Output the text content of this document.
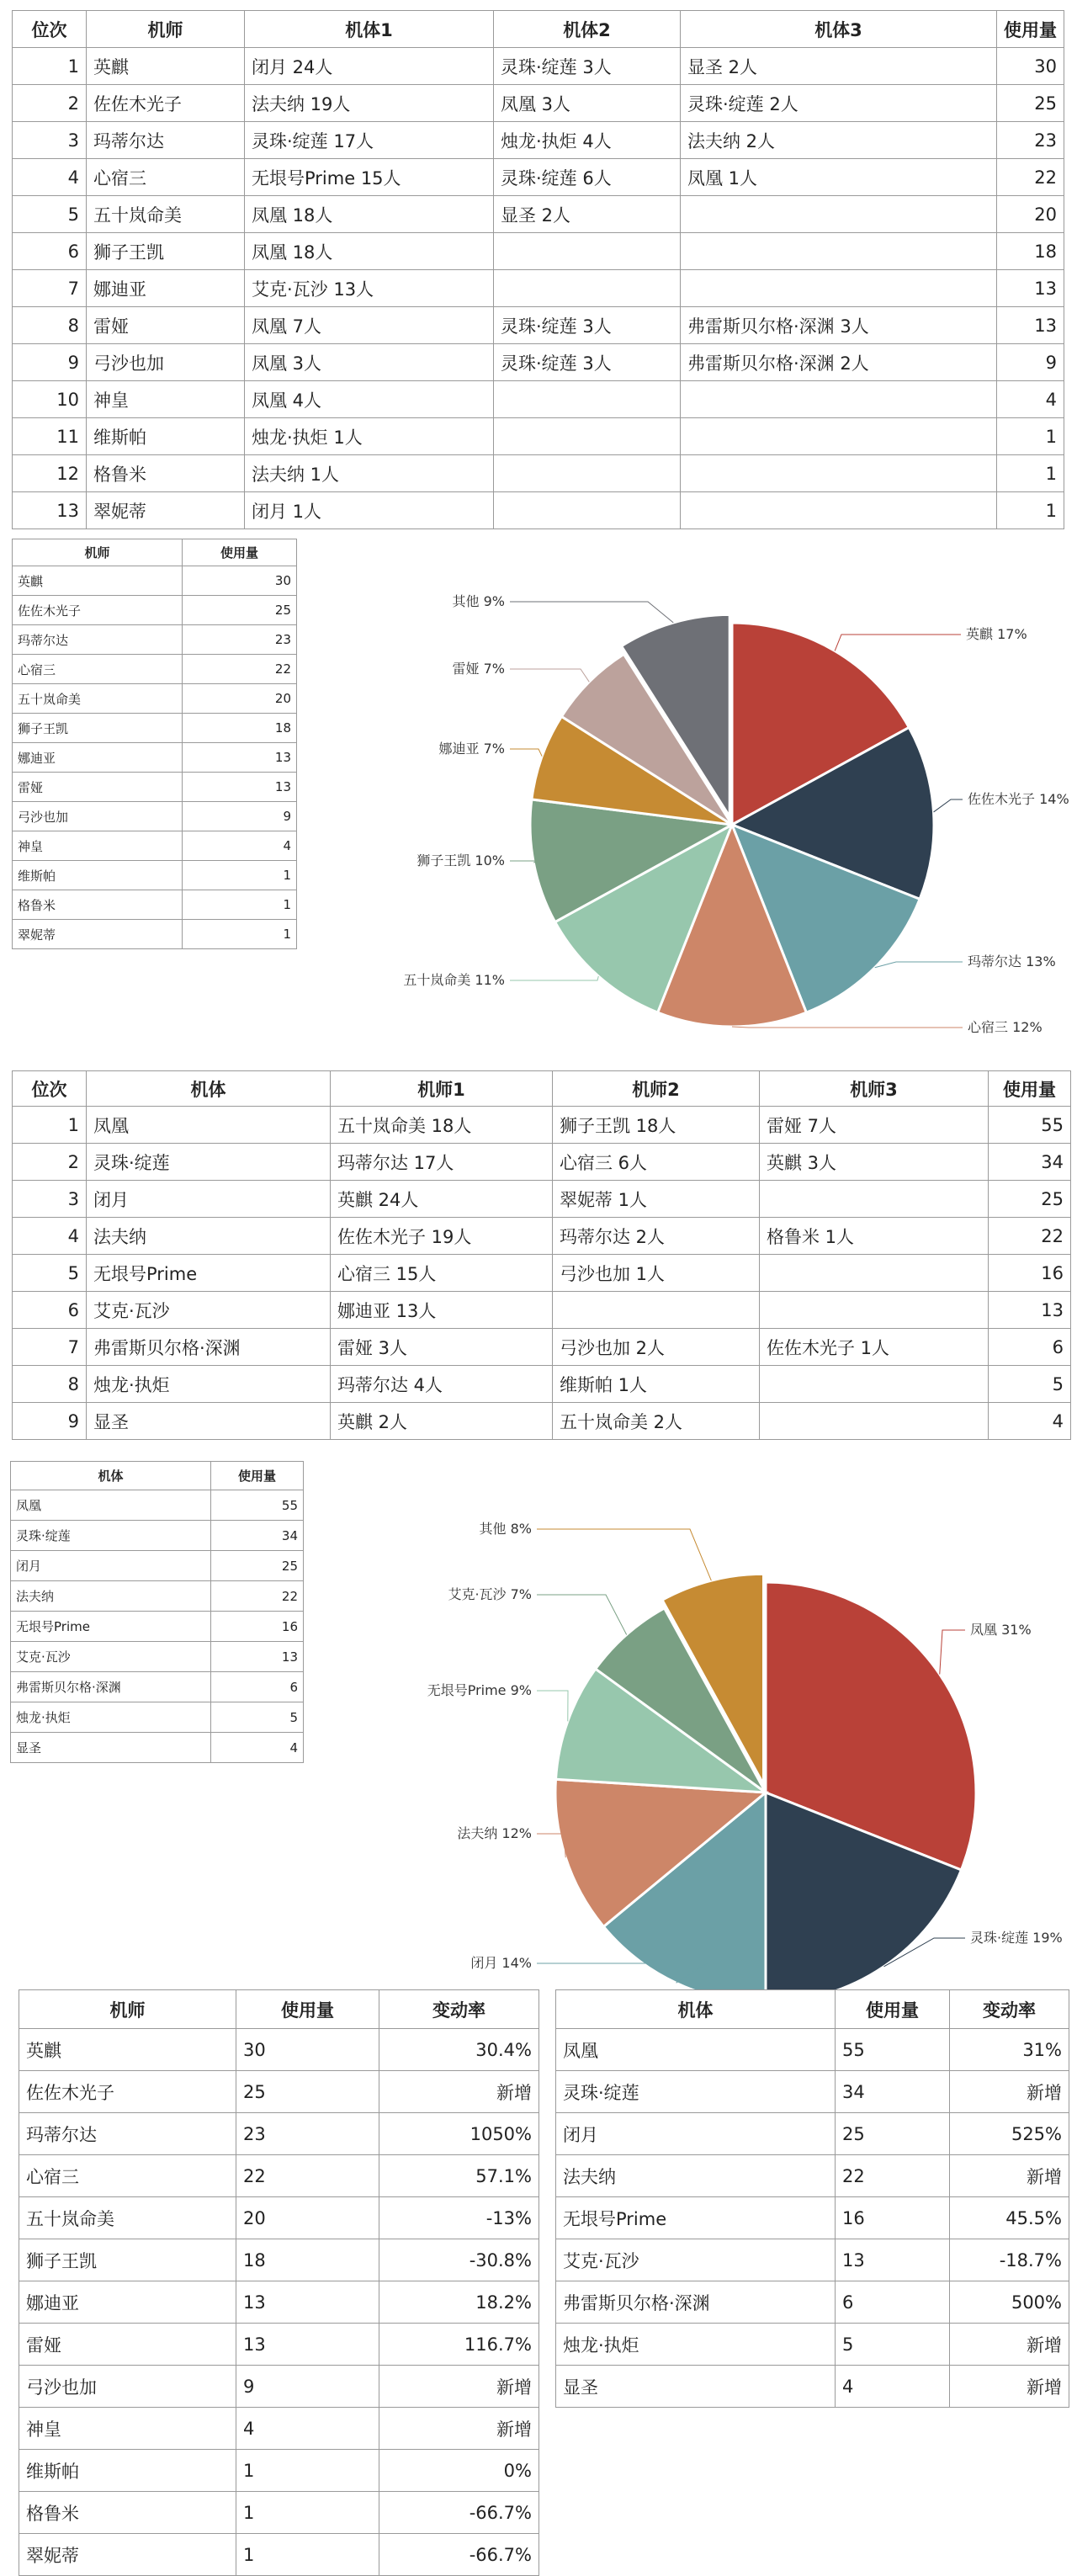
位次	机师	机体1	机体2	机体3	使用量
1	英麒	闭月 24人	灵珠·绽莲 3人	显圣 2人	30
2	佐佐木光子	法夫纳 19人	凤凰 3人	灵珠·绽莲 2人	25
3	玛蒂尔达	灵珠·绽莲 17人	烛龙·执炬 4人	法夫纳 2人	23
4	心宿三	无垠号Prime 15人	灵珠·绽莲 6人	凤凰 1人	22
5	五十岚命美	凤凰 18人	显圣 2人		20
6	狮子王凯	凤凰 18人			18
7	娜迪亚	艾克·瓦沙 13人			13
8	雷娅	凤凰 7人	灵珠·绽莲 3人	弗雷斯贝尔格·深渊 3人	13
9	弓沙也加	凤凰 3人	灵珠·绽莲 3人	弗雷斯贝尔格·深渊 2人	9
10	神皇	凤凰 4人			4
11	维斯帕	烛龙·执炬 1人			1
12	格鲁米	法夫纳 1人			1
13	翠妮蒂	闭月 1人			1
机师	使用量
英麒	30
佐佐木光子	25
玛蒂尔达	23
心宿三	22
五十岚命美	20
狮子王凯	18
娜迪亚	13
雷娅	13
弓沙也加	9
神皇	4
维斯帕	1
格鲁米	1
翠妮蒂	1
英麒 17%
佐佐木光子 14%
玛蒂尔达 13%
心宿三 12%
五十岚命美 11%
狮子王凯 10%
娜迪亚 7%
雷娅 7%
其他 9%
位次	机体	机师1	机师2	机师3	使用量
1	凤凰	五十岚命美 18人	狮子王凯 18人	雷娅 7人	55
2	灵珠·绽莲	玛蒂尔达 17人	心宿三 6人	英麒 3人	34
3	闭月	英麒 24人	翠妮蒂 1人		25
4	法夫纳	佐佐木光子 19人	玛蒂尔达 2人	格鲁米 1人	22
5	无垠号Prime	心宿三 15人	弓沙也加 1人		16
6	艾克·瓦沙	娜迪亚 13人			13
7	弗雷斯贝尔格·深渊	雷娅 3人	弓沙也加 2人	佐佐木光子 1人	6
8	烛龙·执炬	玛蒂尔达 4人	维斯帕 1人		5
9	显圣	英麒 2人	五十岚命美 2人		4
机体	使用量
凤凰	55
灵珠·绽莲	34
闭月	25
法夫纳	22
无垠号Prime	16
艾克·瓦沙	13
弗雷斯贝尔格·深渊	6
烛龙·执炬	5
显圣	4
凤凰 31%
灵珠·绽莲 19%
闭月 14%
法夫纳 12%
无垠号Prime 9%
艾克·瓦沙 7%
其他 8%
机师	使用量	变动率
英麒	30	30.4%
佐佐木光子	25	新增
玛蒂尔达	23	1050%
心宿三	22	57.1%
五十岚命美	20	-13%
狮子王凯	18	-30.8%
娜迪亚	13	18.2%
雷娅	13	116.7%
弓沙也加	9	新增
神皇	4	新增
维斯帕	1	0%
格鲁米	1	-66.7%
翠妮蒂	1	-66.7%
机体	使用量	变动率
凤凰	55	31%
灵珠·绽莲	34	新增
闭月	25	525%
法夫纳	22	新增
无垠号Prime	16	45.5%
艾克·瓦沙	13	-18.7%
弗雷斯贝尔格·深渊	6	500%
烛龙·执炬	5	新增
显圣	4	新增
